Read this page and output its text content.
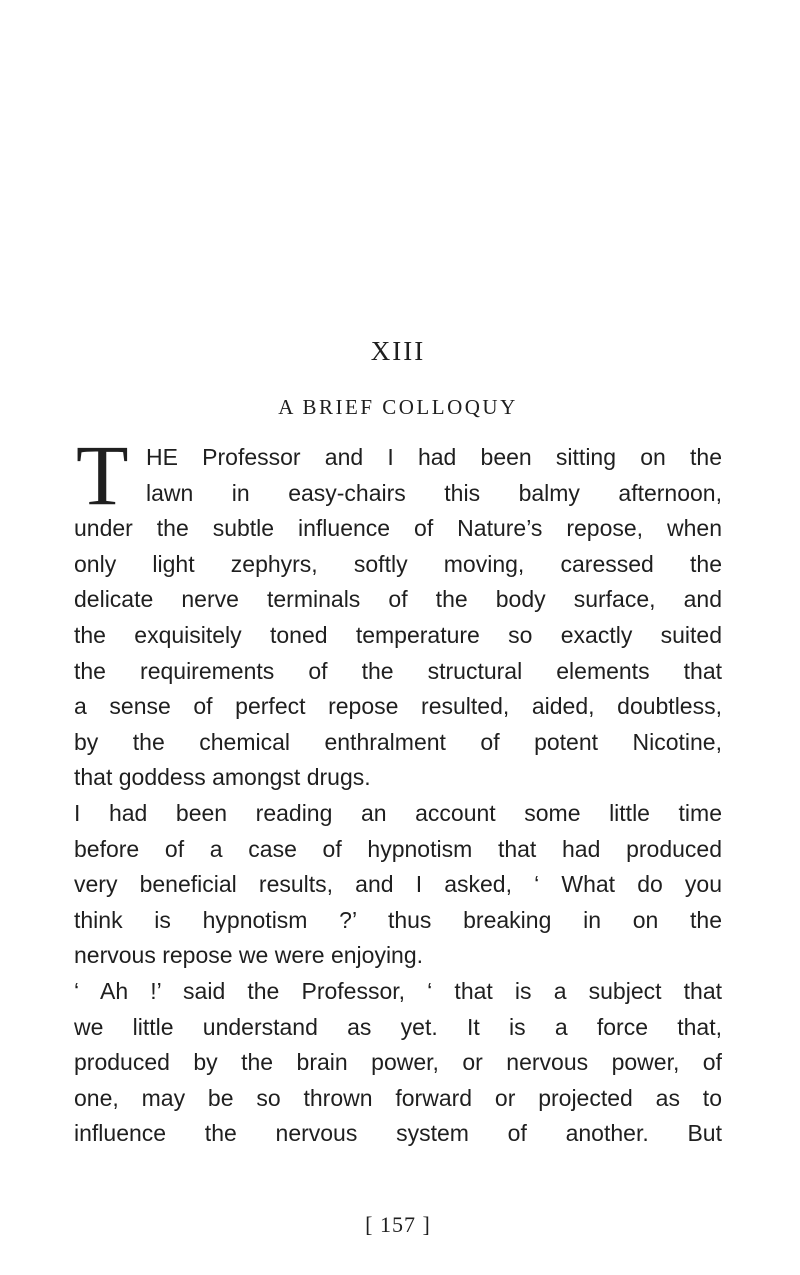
XIII
A BRIEF COLLOQUY
T HE Professor and I had been sitting on the
lawn in easy-chairs this balmy afternoon,
under the subtle influence of Nature’s repose, when
only light zephyrs, softly moving, caressed the
delicate nerve terminals of the body surface, and
the exquisitely toned temperature so exactly suited
the requirements of the structural elements that
a sense of perfect repose resulted, aided, doubtless,
by the chemical enthralment of potent Nicotine,
that goddess amongst drugs.
I had been reading an account some little time
before of a case of hypnotism that had produced
very beneficial results, and I asked, ‘ What do you
think is hypnotism ?’ thus breaking in on the
nervous repose we were enjoying.
‘ Ah !’ said the Professor, ‘ that is a subject that
we little understand as yet. It is a force that,
produced by the brain power, or nervous power, of
one, may be so thrown forward or projected as to
influence the nervous system of another. But
[ 157 ]
